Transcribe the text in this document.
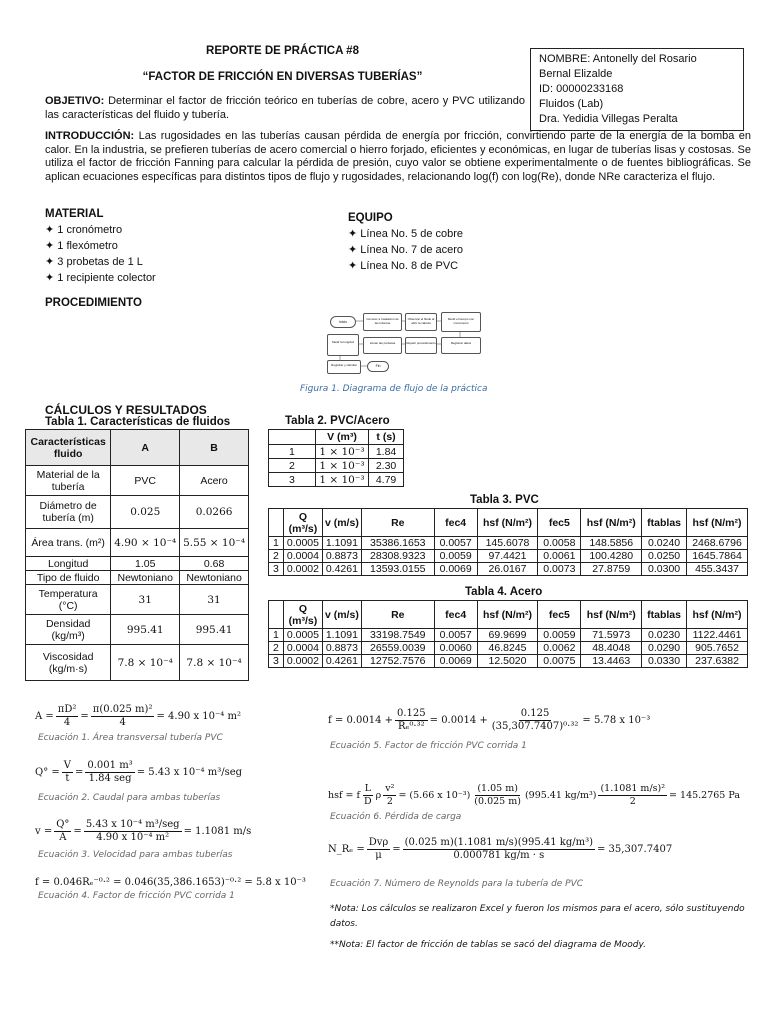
REPORTE DE PRÁCTICA #8
“FACTOR DE FRICCIÓN EN DIVERSAS TUBERÍAS”
NOMBRE: Antonelly del Rosario
Bernal Elizalde
ID: 00000233168
Fluidos (Lab)
Dra. Yedidia Villegas Peralta
OBJETIVO: Determinar el factor de fricción teórico en tuberías de cobre, acero y PVC utilizando las características del fluido y tubería.
INTRODUCCIÓN: Las rugosidades en las tuberías causan pérdida de energía por fricción, convirtiendo parte de la energía de la bomba en calor. En la industria, se prefieren tuberías de acero comercial o hierro forjado, eficientes y económicas, en lugar de tuberías lisas y costosas. Se utiliza el factor de fricción Fanning para calcular la pérdida de presión, cuyo valor se obtiene experimentalmente o de fuentes bibliográficas. Se aplican ecuaciones específicas para distintos tipos de flujo y rugosidades, relacionando log(f) con log(Re), donde NRe caracteriza el flujo.
MATERIAL
✦ 1 cronómetro
✦ 1 flexómetro
✦ 3 probetas de 1 L
✦ 1 recipiente colector
EQUIPO
✦ Línea No. 5 de cobre
✦ Línea No. 7 de acero
✦ Línea No. 8 de PVC
PROCEDIMIENTO
Inicio
Conocer a Insalación de las tuberías
Observar el fluido al abrir la válvula
Medir el tiempo con cronómetro
Registrar datos
Repetir procedimiento
Llenar las probetas
Medir la longitud
Registrar y calcular	Fin
Figura 1. Diagrama de flujo de la práctica
CÁLCULOS Y RESULTADOS
Tabla 1. Características de fluidos
Características fluido	A	B
Material de la tubería	PVC	Acero
Diámetro de tubería (m)	0.025	0.0266
Área trans. (m²)	4.90 × 10⁻⁴	5.55 × 10⁻⁴
Longitud	1.05	0.68
Tipo de fluido	Newtoniano	Newtoniano
Temperatura (°C)	31	31
Densidad (kg/m³)	995.41	995.41
Viscosidad (kg/m·s)	7.8 × 10⁻⁴	7.8 × 10⁻⁴
Tabla 2. PVC/Acero
	V (m³)	t (s)
1	1 × 10⁻³	1.84
2	1 × 10⁻³	2.30
3	1 × 10⁻³	4.79
Tabla 3. PVC
	Q (m³/s)	v (m/s)	Re	fec4	hsf (N/m²)	fec5	hsf (N/m²)	ftablas	hsf (N/m²)
1	0.0005	1.1091	35386.1653	0.0057	145.6078	0.0058	148.5856	0.0240	2468.6796
2	0.0004	0.8873	28308.9323	0.0059	97.4421	0.0061	100.4280	0.0250	1645.7864
3	0.0002	0.4261	13593.0155	0.0069	26.0167	0.0073	27.8759	0.0300	455.3437
Tabla 4. Acero
	Q (m³/s)	v (m/s)	Re	fec4	hsf (N/m²)	fec5	hsf (N/m²)	ftablas	hsf (N/m²)
1	0.0005	1.1091	33198.7549	0.0057	69.9699	0.0059	71.5973	0.0230	1122.4461
2	0.0004	0.8873	26559.0039	0.0060	46.8245	0.0062	48.4048	0.0290	905.7652
3	0.0002	0.4261	12752.7576	0.0069	12.5020	0.0075	13.4463	0.0330	237.6382
$A = \frac{\text{πD²}}{4} = \frac{\text{π(0.025 m)²}}{4} = 4.90$ x 10⁻⁴ m²
Ecuación 1. Área transversal tubería PVC
$Q^\circ = \frac{V}{t} = \frac{\text{0.001 m³}}{\text{1.84 seg}} = 5.43$ x 10⁻⁴ m³/seg
Ecuación 2. Caudal para ambas tuberías
$v = \frac{Q^\circ}{A} = \frac{\text{5.43 x 10⁻⁴ m³/seg}}{\text{4.90 x 10⁻⁴ m²}} = 1.1081$ m/s
Ecuación 3. Velocidad para ambas tuberías
f = 0.046Rₑ⁻⁰·² = 0.046(35,386.1653)⁻⁰·² = 5.8 x 10⁻³
Ecuación 4. Factor de fricción PVC corrida 1
$f = 0.0014 + \frac{0.125}{\text{Rₑ⁰·³²}} = 0.0014 + \frac{0.125}{\text{(35,307.7407)⁰·³²}} = 5.78$ x 10⁻³
Ecuación 5. Factor de fricción PVC corrida 1
hsf = f $\frac{L}{D}$ ρ $\frac{\text{v²}}{2} = (5.66$ x $10^{-3}) \frac{(1.05 m)}{(0.025 m)} (995.41$ $kg/m^3) \frac{\text{(1.1081 m/s)²}}{2} = 145.2765$ Pa
Ecuación 6. Pérdida de carga
N_Rₑ = $\frac{\text{Dvρ}}{\mu} = \frac{\text{(0.025 m)(1.1081 m/s)(995.41 kg/m³)}}{0.000781 kg/m \cdot s} = 35,307.7407$
Ecuación 7. Número de Reynolds para la tubería de PVC
*Nota: Los cálculos se realizaron Excel y fueron los mismos para el acero, sólo sustituyendo datos.
**Nota: El factor de fricción de tablas se sacó del diagrama de Moody.
